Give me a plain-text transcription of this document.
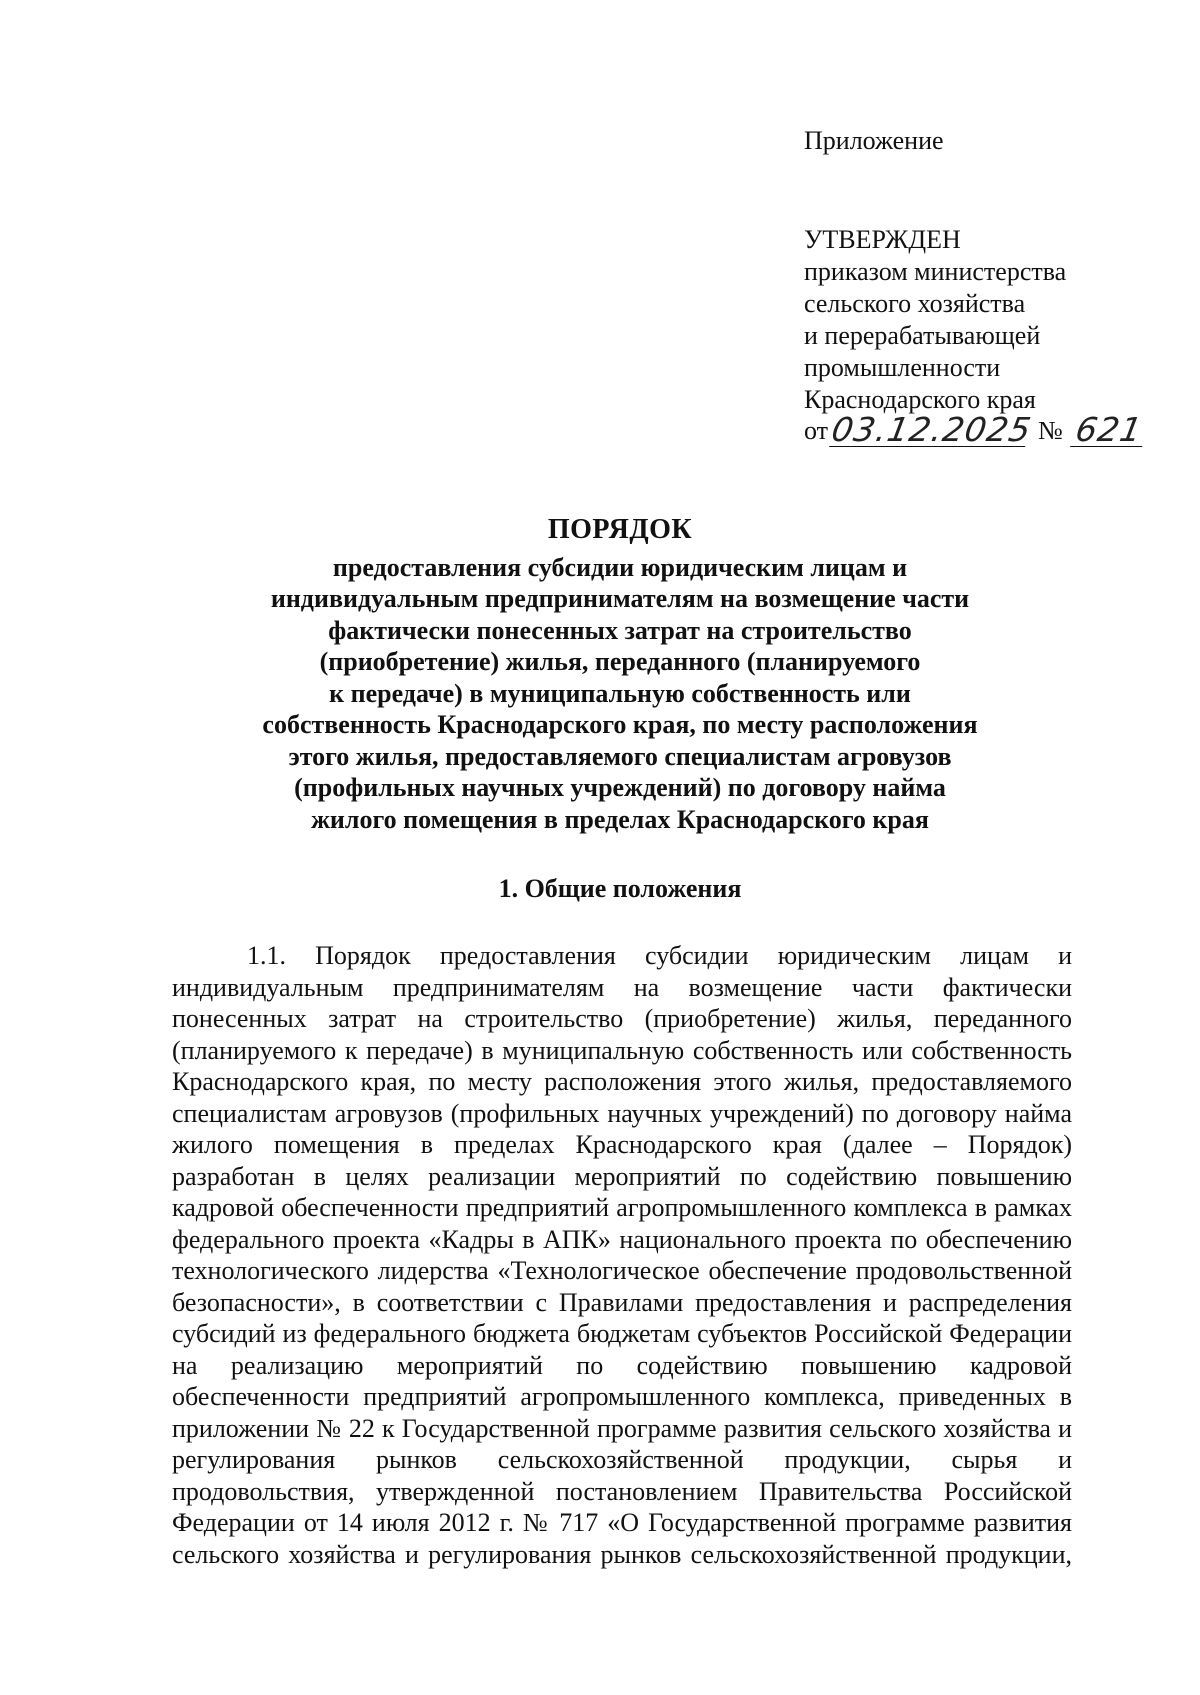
Приложение
УТВЕРЖДЕН
приказом министерства
сельского хозяйства
и перерабатывающей
промышленности
Краснодарского края
от 03.12.2025 № 621
ПОРЯДОК
предоставления субсидии юридическим лицам и
индивидуальным предпринимателям на возмещение части
фактически понесенных затрат на строительство
(приобретение) жилья, переданного (планируемого
к передаче) в муниципальную собственность или
собственность Краснодарского края, по месту расположения
этого жилья, предоставляемого специалистам агровузов
(профильных научных учреждений) по договору найма
жилого помещения в пределах Краснодарского края
1. Общие положения
1.1. Порядок предоставления субсидии юридическим лицам и
индивидуальным предпринимателям на возмещение части фактически
понесенных затрат на строительство (приобретение) жилья, переданного
(планируемого к передаче) в муниципальную собственность или собственность
Краснодарского края, по месту расположения этого жилья, предоставляемого
специалистам агровузов (профильных научных учреждений) по договору найма
жилого помещения в пределах Краснодарского края (далее – Порядок)
разработан в целях реализации мероприятий по содействию повышению
кадровой обеспеченности предприятий агропромышленного комплекса в рамках
федерального проекта «Кадры в АПК» национального проекта по обеспечению
технологического лидерства «Технологическое обеспечение продовольственной
безопасности», в соответствии с Правилами предоставления и распределения
субсидий из федерального бюджета бюджетам субъектов Российской Федерации
на реализацию мероприятий по содействию повышению кадровой
обеспеченности предприятий агропромышленного комплекса, приведенных в
приложении № 22 к Государственной программе развития сельского хозяйства и
регулирования рынков сельскохозяйственной продукции, сырья и
продовольствия, утвержденной постановлением Правительства Российской
Федерации от 14 июля 2012 г. № 717 «О Государственной программе развития
сельского хозяйства и регулирования рынков сельскохозяйственной продукции,
